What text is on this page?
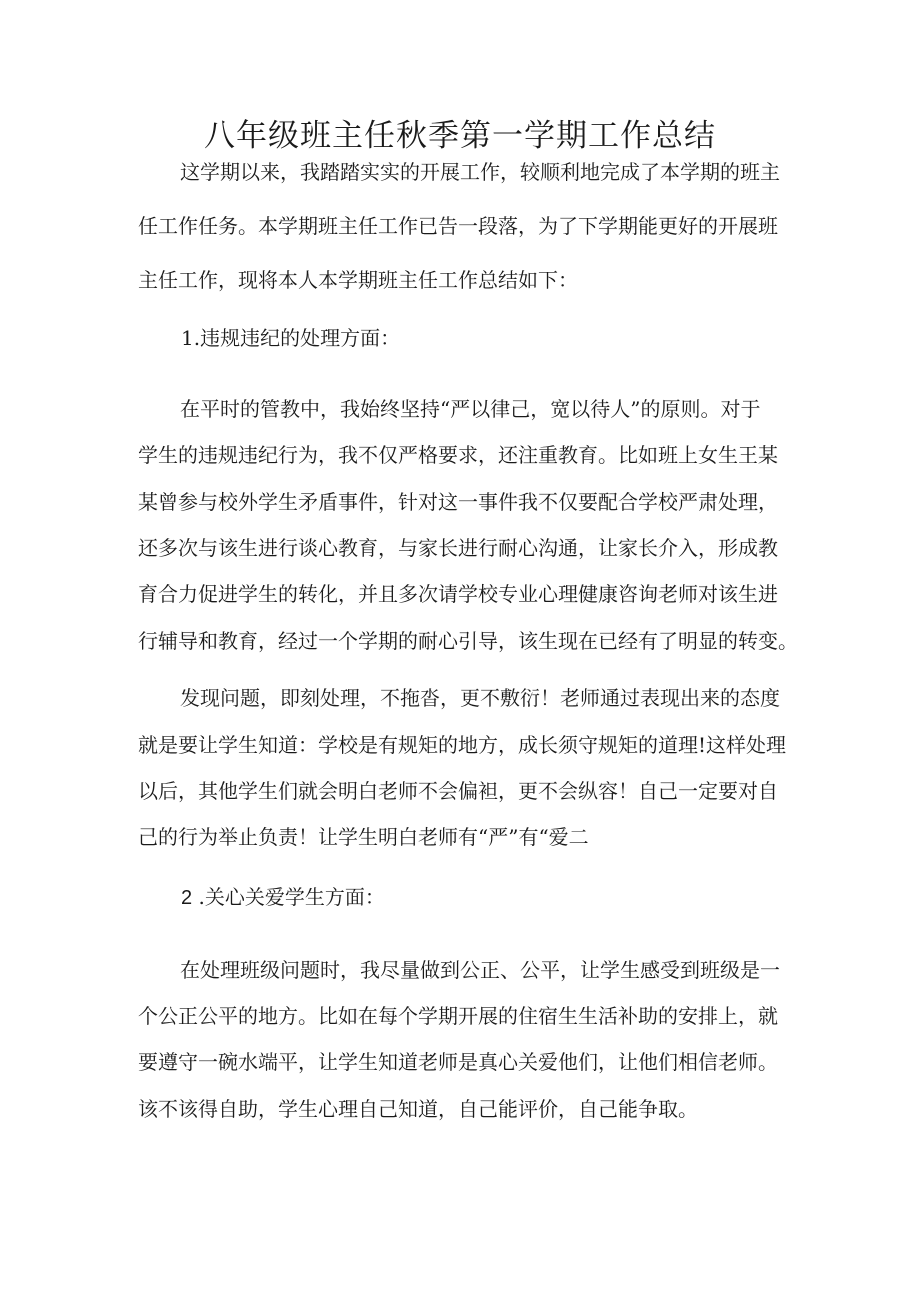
八年级班主任秋季第一学期工作总结

这学期以来，我踏踏实实的开展工作，较顺利地完成了本学期的班主

任工作任务。本学期班主任工作已告一段落，为了下学期能更好的开展班

主任工作，现将本人本学期班主任工作总结如下：

1.违规违纪的处理方面：

在平时的管教中，我始终坚持“严以律己，宽以待人”的原则。对于

学生的违规违纪行为，我不仅严格要求，还注重教育。比如班上女生王某

某曾参与校外学生矛盾事件，针对这一事件我不仅要配合学校严肃处理，

还多次与该生进行谈心教育，与家长进行耐心沟通，让家长介入，形成教

育合力促进学生的转化，并且多次请学校专业心理健康咨询老师对该生进

行辅导和教育，经过一个学期的耐心引导，该生现在已经有了明显的转变。

发现问题，即刻处理，不拖沓，更不敷衍！老师通过表现出来的态度

就是要让学生知道：学校是有规矩的地方，成长须守规矩的道理!这样处理

以后，其他学生们就会明白老师不会偏袒，更不会纵容！自己一定要对自

己的行为举止负责！让学生明白老师有“严”有“爱二

2 .关心关爱学生方面：

在处理班级问题时，我尽量做到公正、公平，让学生感受到班级是一

个公正公平的地方。比如在每个学期开展的住宿生生活补助的安排上，就

要遵守一碗水端平，让学生知道老师是真心关爱他们，让他们相信老师。

该不该得自助，学生心理自己知道，自己能评价，自己能争取。
